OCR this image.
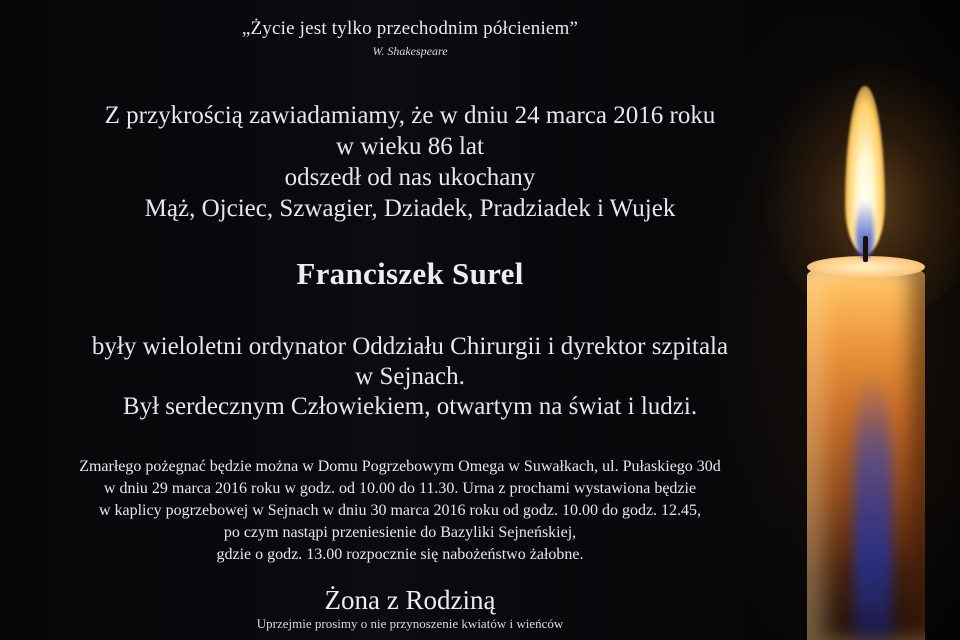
„Życie jest tylko przechodnim półcieniem”
W. Shakespeare
Z przykrością zawiadamiamy, że w dniu 24 marca 2016 roku
w wieku 86 lat
odszedł od nas ukochany
Mąż, Ojciec, Szwagier, Dziadek, Pradziadek i Wujek
Franciszek Surel
były wieloletni ordynator Oddziału Chirurgii i dyrektor szpitala
w Sejnach.
Był serdecznym Człowiekiem, otwartym na świat i ludzi.
Zmarłego pożegnać będzie można w Domu Pogrzebowym Omega w Suwałkach, ul. Pułaskiego 30d
w dniu 29 marca 2016 roku w godz. od 10.00 do 11.30. Urna z prochami wystawiona będzie
w kaplicy pogrzebowej w Sejnach w dniu 30 marca 2016 roku od godz. 10.00 do godz. 12.45,
po czym nastąpi przeniesienie do Bazyliki Sejneńskiej,
gdzie o godz. 13.00 rozpocznie się nabożeństwo żałobne.
Żona z Rodziną
Uprzejmie prosimy o nie przynoszenie kwiatów i wieńców
